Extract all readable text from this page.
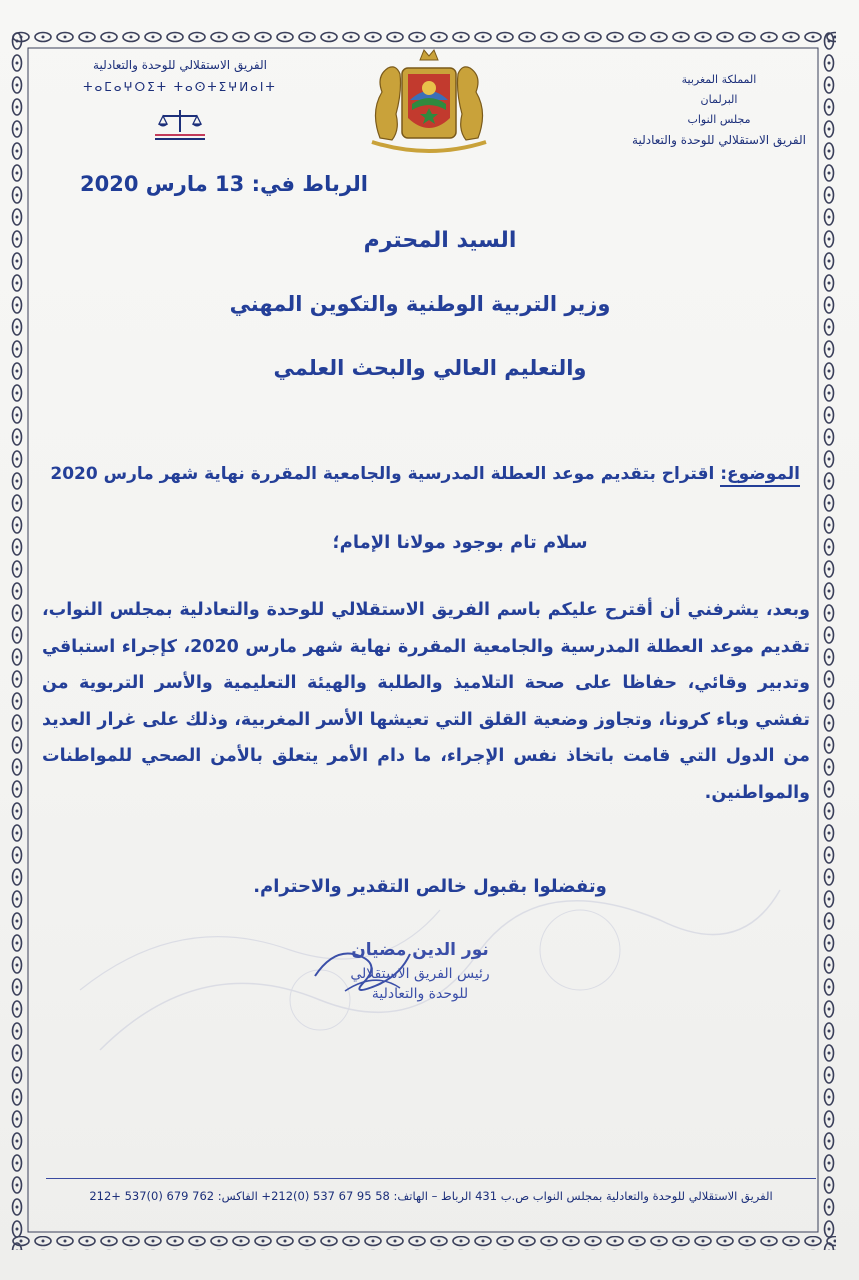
الفريق الاستقلالي للوحدة والتعادلية
ⵜⴰⵎⴰⵖⵔⵉⵜ ⵜⴰⵙⵜⵉⵖⵍⴰⵏⵜ
المملكة المغربية
البرلمان
مجلس النواب
الفريق الاستقلالي للوحدة والتعادلية
الرباط في: 13 مارس 2020
السيد المحترم
وزير التربية الوطنية والتكوين المهني
والتعليم العالي والبحث العلمي
الموضوع: اقتراح بتقديم موعد العطلة المدرسية والجامعية المقررة نهاية شهر مارس 2020
سلام تام بوجود مولانا الإمام؛
وبعد، يشرفني أن أقترح عليكم باسم الفريق الاستقلالي للوحدة والتعادلية بمجلس النواب، تقديم موعد العطلة المدرسية والجامعية المقررة نهاية شهر مارس 2020، كإجراء استباقي وتدبير وقائي، حفاظا على صحة التلاميذ والطلبة والهيئة التعليمية والأسر التربوية من تفشي وباء كرونا، وتجاوز وضعية القلق التي تعيشها الأسر المغربية، وذلك على غرار العديد من الدول التي قامت باتخاذ نفس الإجراء، ما دام الأمر يتعلق بالأمن الصحي للمواطنات والمواطنين.
وتفضلوا بقبول خالص التقدير والاحترام.
نور الدين مضيان
رئيس الفريق الاستقلالي
للوحدة والتعادلية
الفريق الاستقلالي للوحدة والتعادلية بمجلس النواب ص.ب 431 الرباط – الهاتف: 58 95 67 537 (0)212+ الفاكس: 762 679 (0)537 +212
